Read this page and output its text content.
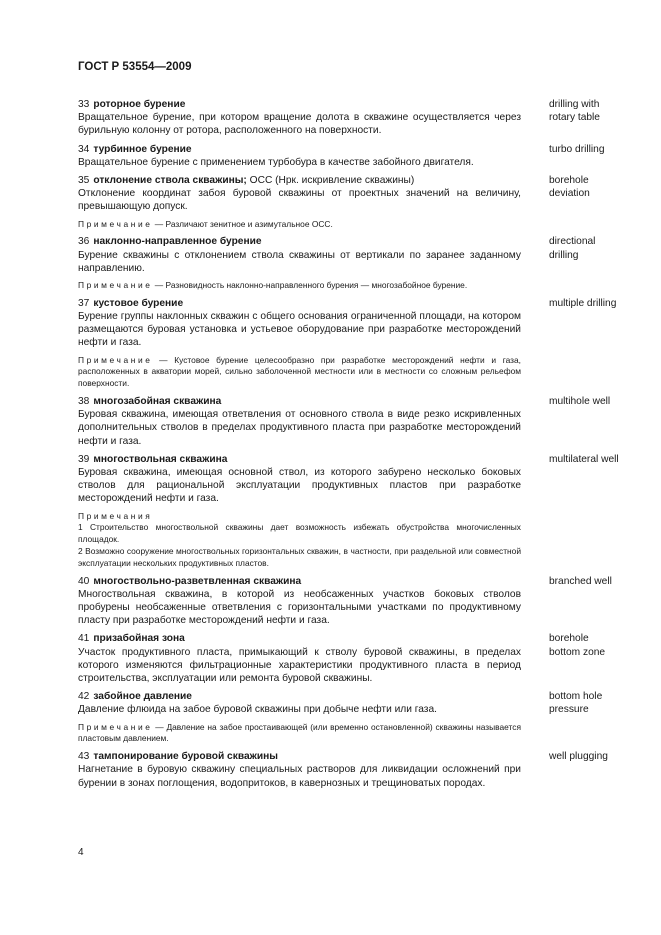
ГОСТ Р 53554—2009
33 роторное бурение
Вращательное бурение, при котором вращение долота в скважине осуществляется через бурильную колонну от ротора, расположенного на поверхности.
drilling with rotary table
34 турбинное бурение
Вращательное бурение с применением турбобура в качестве забойного двигателя.
turbo drilling
35 отклонение ствола скважины; ОСС (Нрк. искривление скважины)
Отклонение координат забоя буровой скважины от проектных значений на величину, превышающую допуск.
borehole deviation
Примечание — Различают зенитное и азимутальное ОСС.
36 наклонно-направленное бурение
Бурение скважины с отклонением ствола скважины от вертикали по заранее заданному направлению.
directional drilling
Примечание — Разновидность наклонно-направленного бурения — многозабойное бурение.
37 кустовое бурение
Бурение группы наклонных скважин с общего основания ограниченной площади, на котором размещаются буровая установка и устьевое оборудование при разработке месторождений нефти и газа.
multiple drilling
Примечание — Кустовое бурение целесообразно при разработке месторождений нефти и газа, расположенных в акватории морей, сильно заболоченной местности или в местности со сложным рельефом поверхности.
38 многозабойная скважина
Буровая скважина, имеющая ответвления от основного ствола в виде резко искривленных дополнительных стволов в пределах продуктивного пласта при разработке месторождений нефти и газа.
multihole well
39 многоствольная скважина
Буровая скважина, имеющая основной ствол, из которого забурено несколько боковых стволов для рациональной эксплуатации продуктивных пластов при разработке месторождений нефти и газа.
multilateral well
Примечания
1 Строительство многоствольной скважины дает возможность избежать обустройства многочисленных площадок.
2 Возможно сооружение многоствольных горизонтальных скважин, в частности, при раздельной или совместной эксплуатации нескольких продуктивных пластов.
40 многоствольно-разветвленная скважина
Многоствольная скважина, в которой из необсаженных участков боковых стволов пробурены необсаженные ответвления с горизонтальными участками по продуктивному пласту при разработке месторождений нефти и газа.
branched well
41 призабойная зона
Участок продуктивного пласта, примыкающий к стволу буровой скважины, в пределах которого изменяются фильтрационные характеристики продуктивного пласта в период строительства, эксплуатации или ремонта буровой скважины.
borehole bottom zone
42 забойное давление
Давление флюида на забое буровой скважины при добыче нефти или газа.
bottom hole pressure
Примечание — Давление на забое простаивающей (или временно остановленной) скважины называется пластовым давлением.
43 тампонирование буровой скважины
Нагнетание в буровую скважину специальных растворов для ликвидации осложнений при бурении в зонах поглощения, водопритоков, в кавернозных и трещиноватых породах.
well plugging
4
